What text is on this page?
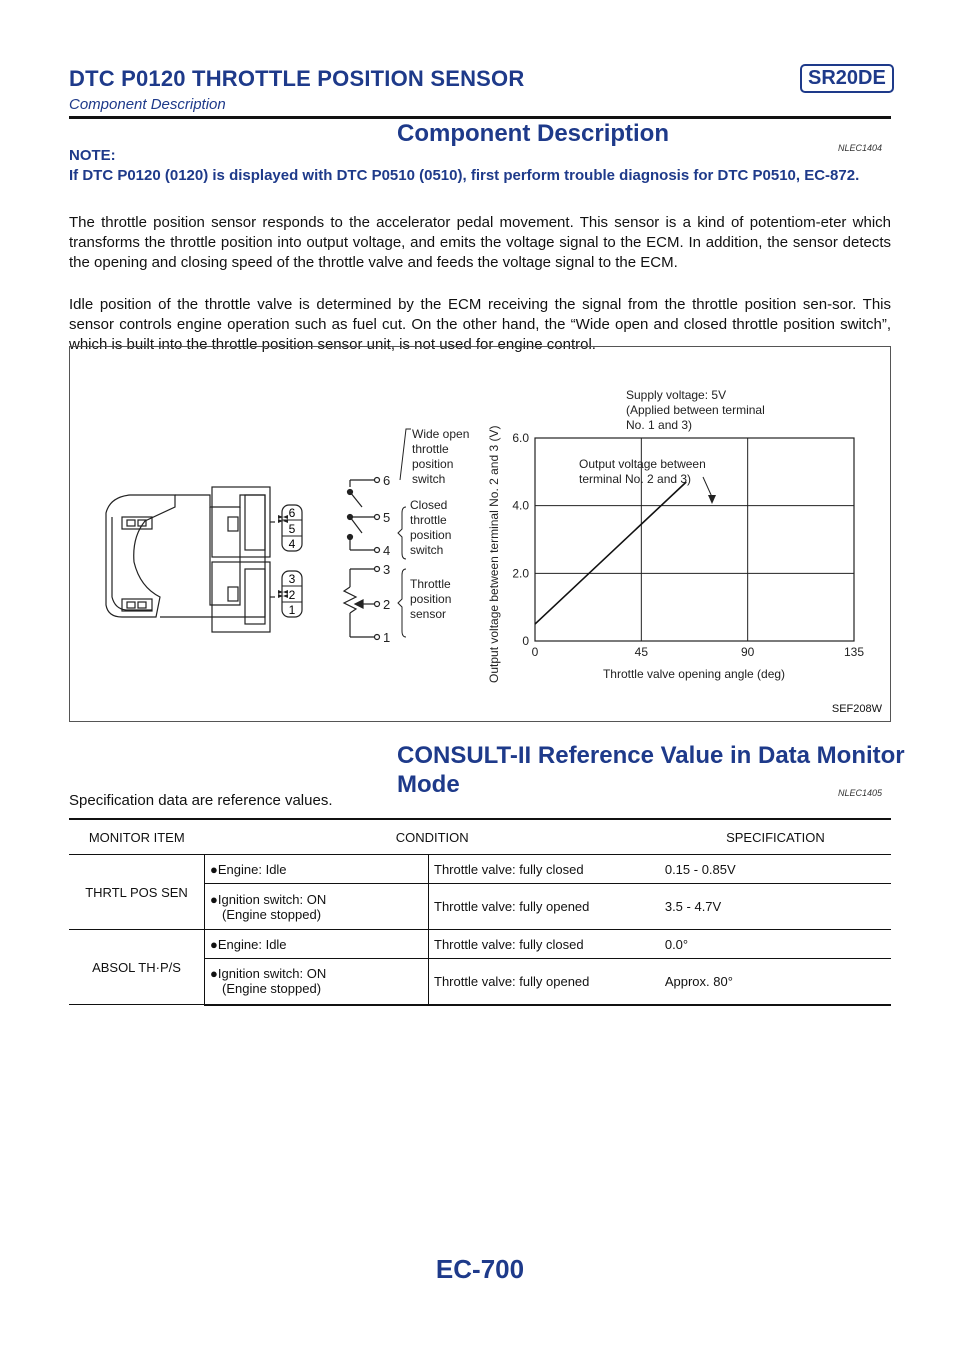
DTC P0120 THROTTLE POSITION SENSOR	SR20DE
Component Description
Component Description
NLEC1404
NOTE:
If DTC P0120 (0120) is displayed with DTC P0510 (0510), first perform trouble diagnosis for DTC P0510, EC-872.
The throttle position sensor responds to the accelerator pedal movement. This sensor is a kind of potentiom-eter which transforms the throttle position into output voltage, and emits the voltage signal to the ECM. In addition, the sensor detects the opening and closing speed of the throttle valve and feeds the voltage signal to the ECM.
Idle position of the throttle valve is determined by the ECM receiving the signal from the throttle position sen-sor. This sensor controls engine operation such as fuel cut. On the other hand, the “Wide open and closed throttle position switch”, which is built into the throttle position sensor unit, is not used for engine control.
6
5
4
3
2
1
6
5
4
3
2
1
Wide open
throttle
position
switch
Closed
throttle
position
switch
Throttle
position
sensor	Output voltage between terminal No. 2 and 3 (V)	Throttle valve opening angle (deg)
0	45	90	135
0
2.0
4.0
6.0
Supply voltage: 5V
(Applied between terminal
No. 1 and 3)
Output voltage between
terminal No. 2 and 3)
SEF208W
CONSULT-II Reference Value in Data Monitor
Mode	NLEC1405
Specification data are reference values.
MONITOR ITEM	CONDITION		SPECIFICATION
THRTL POS SEN	●Engine: Idle	Throttle valve: fully closed	0.15 - 0.85V
	●Ignition switch: ON
(Engine stopped)	Throttle valve: fully opened	3.5 - 4.7V
ABSOL TH·P/S	●Engine: Idle	Throttle valve: fully closed	0.0°
	●Ignition switch: ON
(Engine stopped)	Throttle valve: fully opened	Approx. 80°
EC-700
